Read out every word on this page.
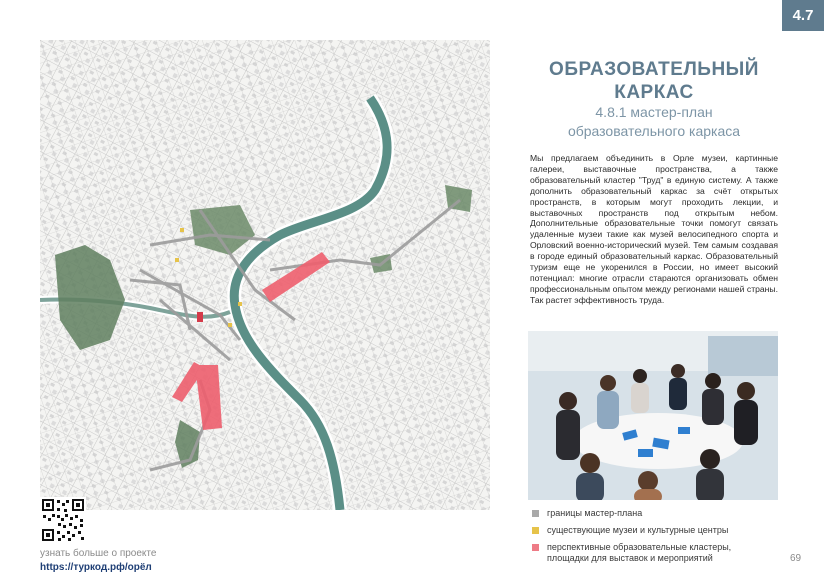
4.7
узнать больше о проекте
https://туркод.рф/орёл
ОБРАЗОВАТЕЛЬНЫЙ
КАРКАС
4.8.1 мастер-план
образовательного каркаса
Мы предлагаем объединить в Орле музеи, картинные галереи, выставочные пространства, а также образовательный кластер "Труд" в единую систему. А также дополнить образовательный каркас за счёт открытых пространств, в которым могут проходить лекции, и выставочных пространств под открытым небом. Дополнительные образовательные точки помогут связать удаленные музеи такие как музей велосипедного спорта и Орловский военно-исторический музей. Тем самым создавая в городе единый образовательный каркас. Образовательный туризм еще не укоренился в России, но имеет высокий потенциал: многие отрасли стараются организовать обмен профессиональным опытом между регионами нашей страны. Так растет эффективность труда.
границы мастер-плана
существующие музеи и культурные центры
перспективные образовательные кластеры,
площадки для выставок и мероприятий	69
